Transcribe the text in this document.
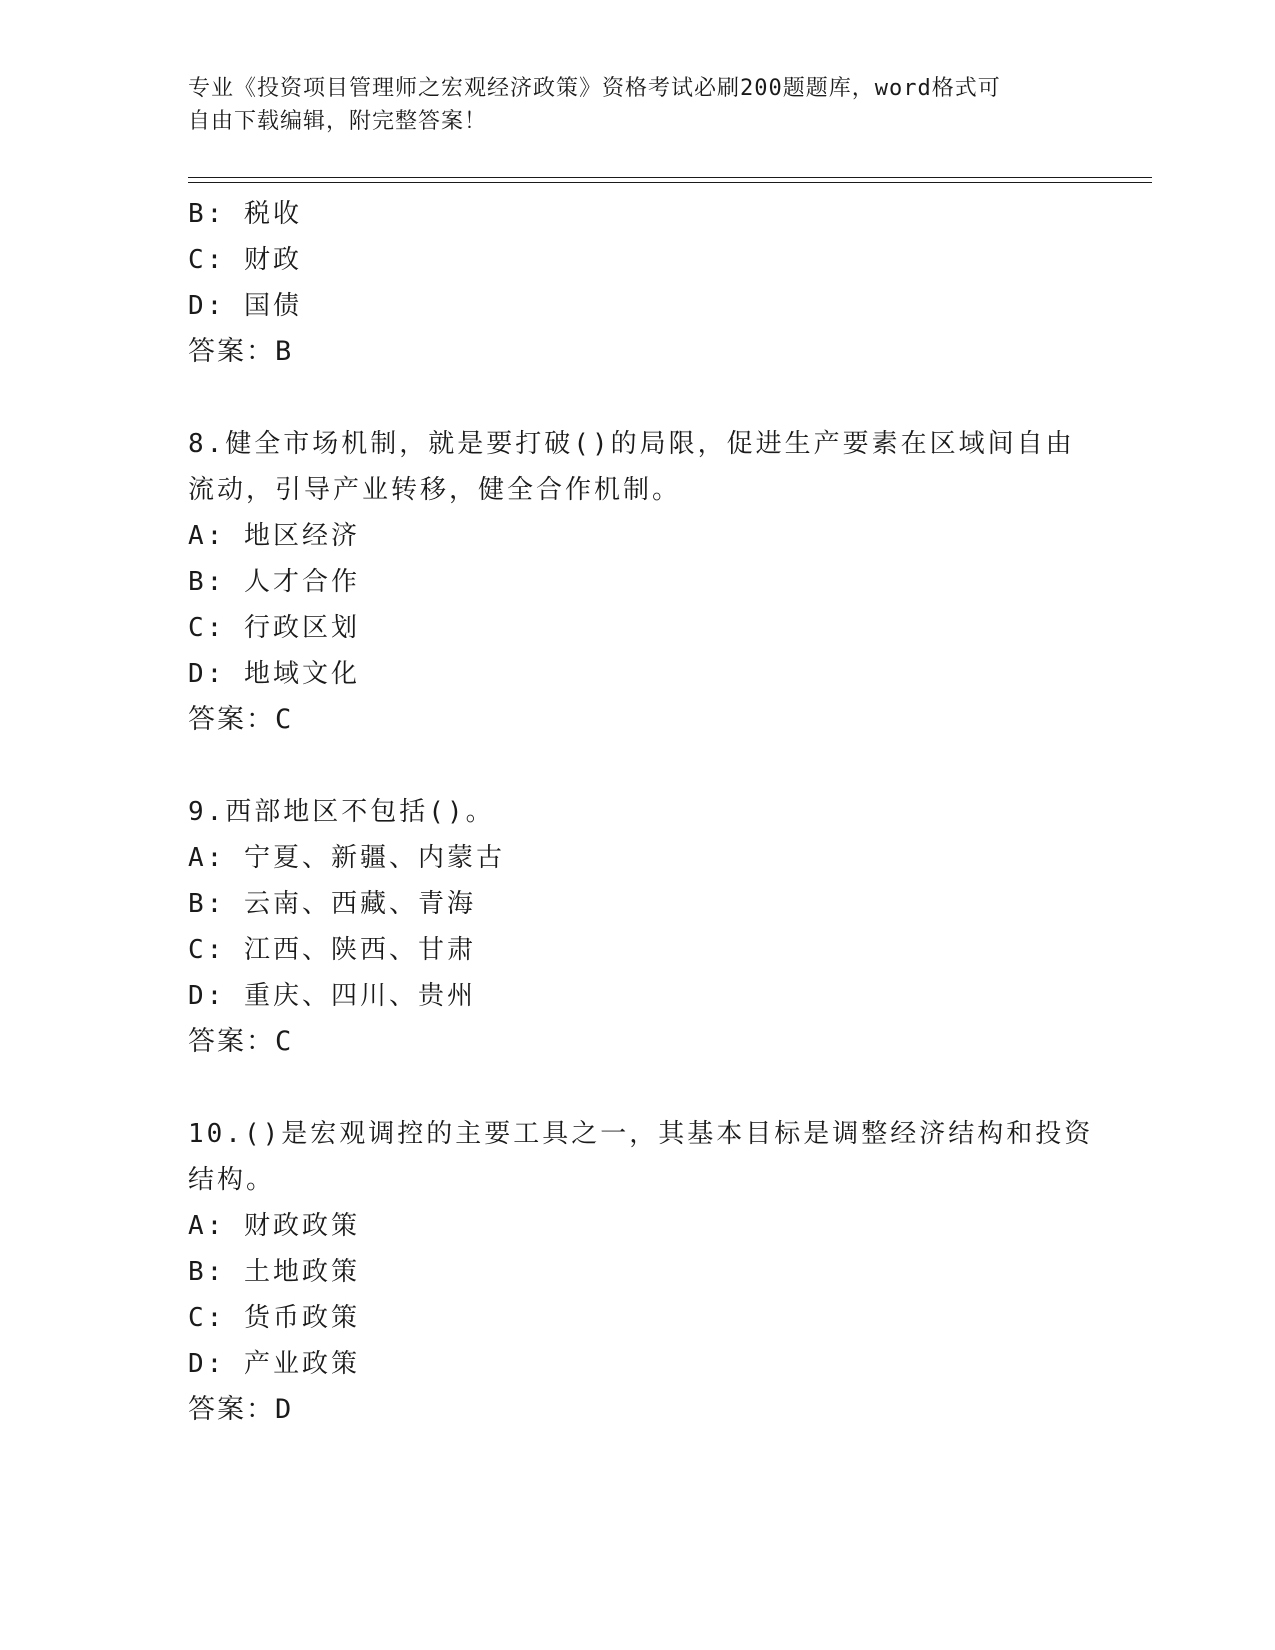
专业《投资项目管理师之宏观经济政策》资格考试必刷200题题库，word格式可
自由下载编辑，附完整答案！
B: 税收
C: 财政
D: 国债
答案：B
8.健全市场机制，就是要打破()的局限，促进生产要素在区域间自由
流动，引导产业转移，健全合作机制。
A: 地区经济
B: 人才合作
C: 行政区划
D: 地域文化
答案：C
9.西部地区不包括()。
A: 宁夏、新疆、内蒙古
B: 云南、西藏、青海
C: 江西、陕西、甘肃
D: 重庆、四川、贵州
答案：C
10.()是宏观调控的主要工具之一，其基本目标是调整经济结构和投资
结构。
A: 财政政策
B: 土地政策
C: 货币政策
D: 产业政策
答案：D
